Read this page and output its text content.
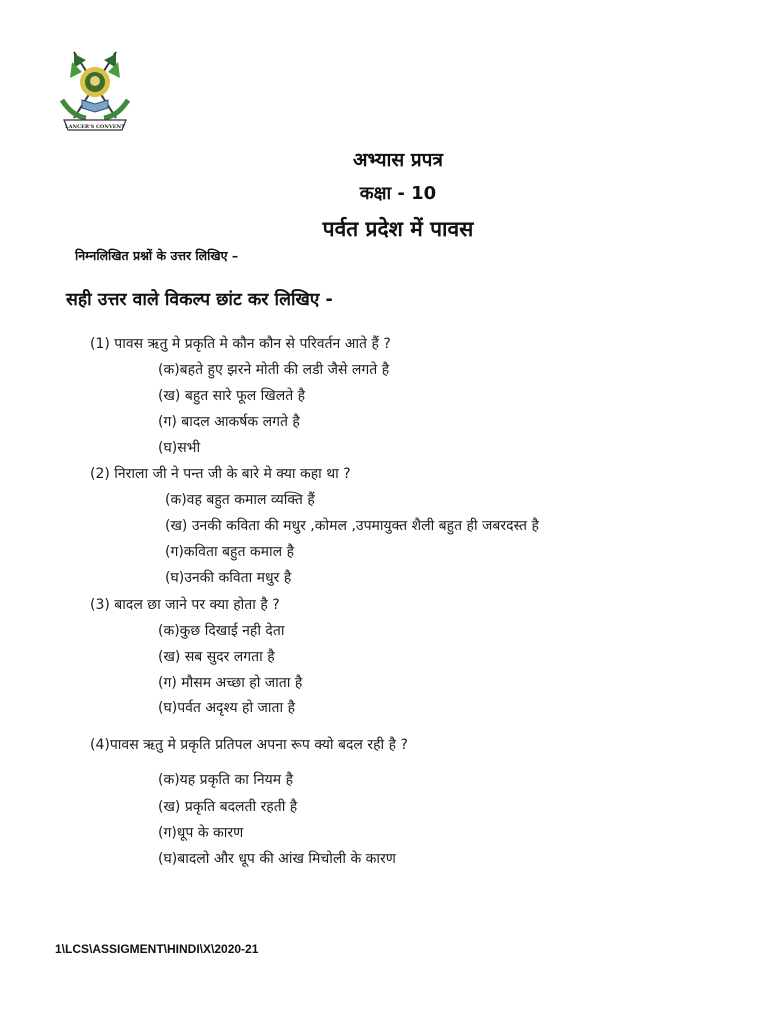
LANCER'S CONVENT
अभ्यास प्रपत्र
कक्षा - 10
पर्वत प्रदेश में पावस
निम्नलिखित प्रश्नों के उत्तर लिखिए –
सही उत्तर वाले विकल्प छांट कर लिखिए -
(1) पावस ऋतु मे प्रकृति मे कौन कौन से परिवर्तन आते हैं ?
(क)बहते हुए झरने मोती की लडी जैसे लगते है
(ख) बहुत सारे फूल खिलते है
(ग) बादल आकर्षक लगते है
(घ)सभी
(2) निराला जी ने पन्त जी के बारे मे क्या कहा था ?
(क)वह बहुत कमाल व्यक्ति हैं
(ख) उनकी कविता की मधुर ,कोमल ,उपमायुक्त शैली बहुत ही जबरदस्त है
(ग)कविता बहुत कमाल है
(घ)उनकी कविता मधुर है
(3) बादल छा जाने पर क्या होता है ?
(क)कुछ दिखाई नही देता
(ख) सब सुदर लगता है
(ग) मौसम अच्छा हो जाता है
(घ)पर्वत अदृश्य हो जाता है
(4)पावस ऋतु मे प्रकृति प्रतिपल अपना रूप क्यो बदल रही है ?
(क)यह प्रकृति का नियम है
(ख) प्रकृति बदलती रहती है
(ग)धूप के कारण
(घ)बादलो और धूप की आंख मिचोली के कारण
1\LCS\ASSIGMENT\HINDI\X\2020-21
